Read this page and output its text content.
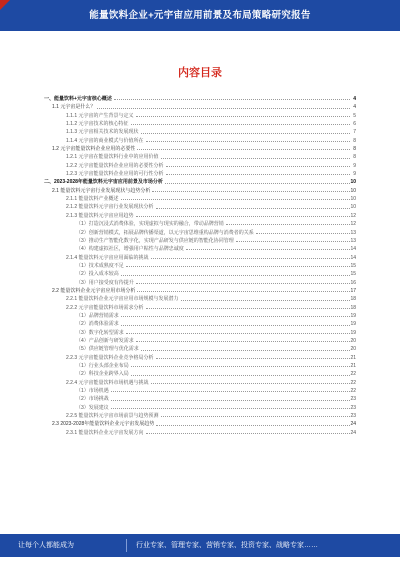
能量饮料企业+元宇宙应用前景及布局策略研究报告
内容目录
一、能量饮料+元宇宙核心概述	4
1.1 元宇宙是什么？	4
1.1.1 元宇宙的产生背景与定义	5
1.1.2 元宇宙技术的核心特征	6
1.1.3 元宇宙相关技术的发展现状	7
1.1.4 元宇宙的商业模式与价值所在	8
1.2 元宇宙能量饮料企业应用的必要性	8
1.2.1 元宇宙在能量饮料行业中的应用价值	8
1.2.2 元宇宙能量饮料企业应用的必要性分析	9
1.2.3 元宇宙能量饮料企业应用的可行性分析	9
二、2023-2028年能量饮料元宇宙应用前景及市场分析	10
2.1 能量饮料元宇宙行业发展现状与趋势分析	10
2.1.1 能量饮料产业概述	10
2.1.2 能量饮料元宇宙行业发展现状分析	10
2.1.3 能量饮料元宇宙应用趋势	12
（1）打造沉浸式消费体验，实现虚拟与现实的融合，带动品牌营销	12
（2）创新营销模式，拓展品牌传播渠道，以元宇宙思维重构品牌与消费者的关系	13
（3）推动生产智能化数字化，实现产品研发与供应链的智能化协同管理	13
（4）构建虚拟社区，增强用户粘性与品牌忠诚度	14
2.1.4 能量饮料元宇宙应用面临的挑战	14
（1）技术成熟度不足	15
（2）投入成本较高	15
（3）用户接受度有待提升	16
2.2 能量饮料企业元宇宙应用市场分析	17
2.2.1 能量饮料企业元宇宙应用市场规模与发展潜力	18
2.2.2 元宇宙能量饮料市场需求分析	18
（1）品牌营销需求	19
（2）消费体验需求	19
（3）数字化转型需求	19
（4）产品创新与研发需求	20
（5）供应链管理与优化需求	20
2.2.3 元宇宙能量饮料企业竞争格局分析	21
（1）行业头部企业布局	21
（2）科技企业跨界入局	22
2.2.4 元宇宙能量饮料市场机遇与挑战	22
（1）市场机遇	22
（2）市场挑战	23
（3）发展建议	23
2.2.5 能量饮料元宇宙市场前景与趋势预测	23
2.3 2023-2028年能量饮料企业元宇宙发展趋势	24
2.3.1 能量饮料企业元宇宙发展方向	24
让每个人都能成为	行业专家、管理专家、营销专家、投资专家、战略专家……
